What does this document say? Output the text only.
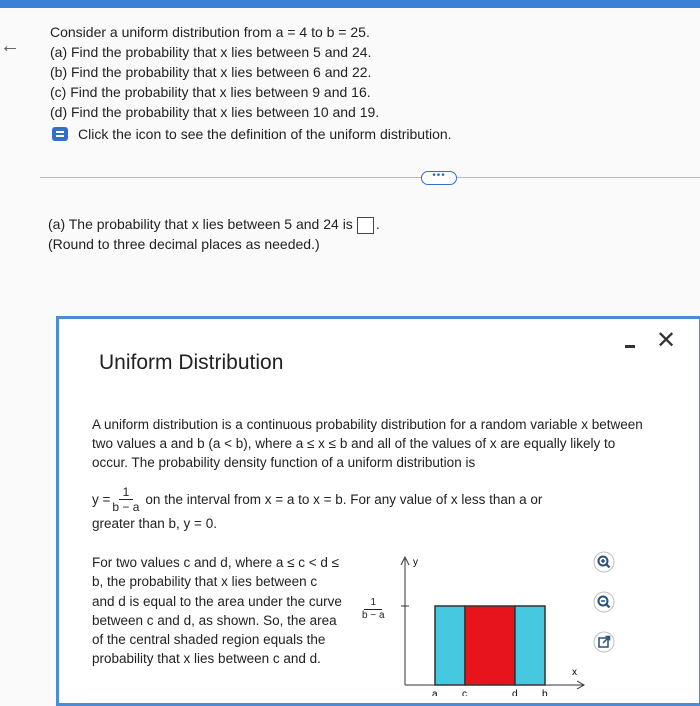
←
Consider a uniform distribution from a = 4 to b = 25.
(a) Find the probability that x lies between 5 and 24.
(b) Find the probability that x lies between 6 and 22.
(c) Find the probability that x lies between 9 and 16.
(d) Find the probability that x lies between 10 and 19.
Click the icon to see the definition of the uniform distribution.
•••
(a) The probability that x lies between 5 and 24 is .
(Round to three decimal places as needed.)
Uniform Distribution
✕
A uniform distribution is a continuous probability distribution for a random variable x between two values a and b (a < b), where a ≤ x ≤ b and all of the values of x are equally likely to occur. The probability density function of a uniform distribution is
$y = \frac{1}{b - a}$ on the interval from x = a to x = b. For any value of x less than a or
greater than b, y = 0.
For two values c and d, where a ≤ c < d ≤ b, the probability that x lies between c and d is equal to the area under the curve between c and d, as shown. So, the area of the central shaded region equals the probability that x lies between c and d.
$\frac{1}{b - a}$
y
x
a c	d b
